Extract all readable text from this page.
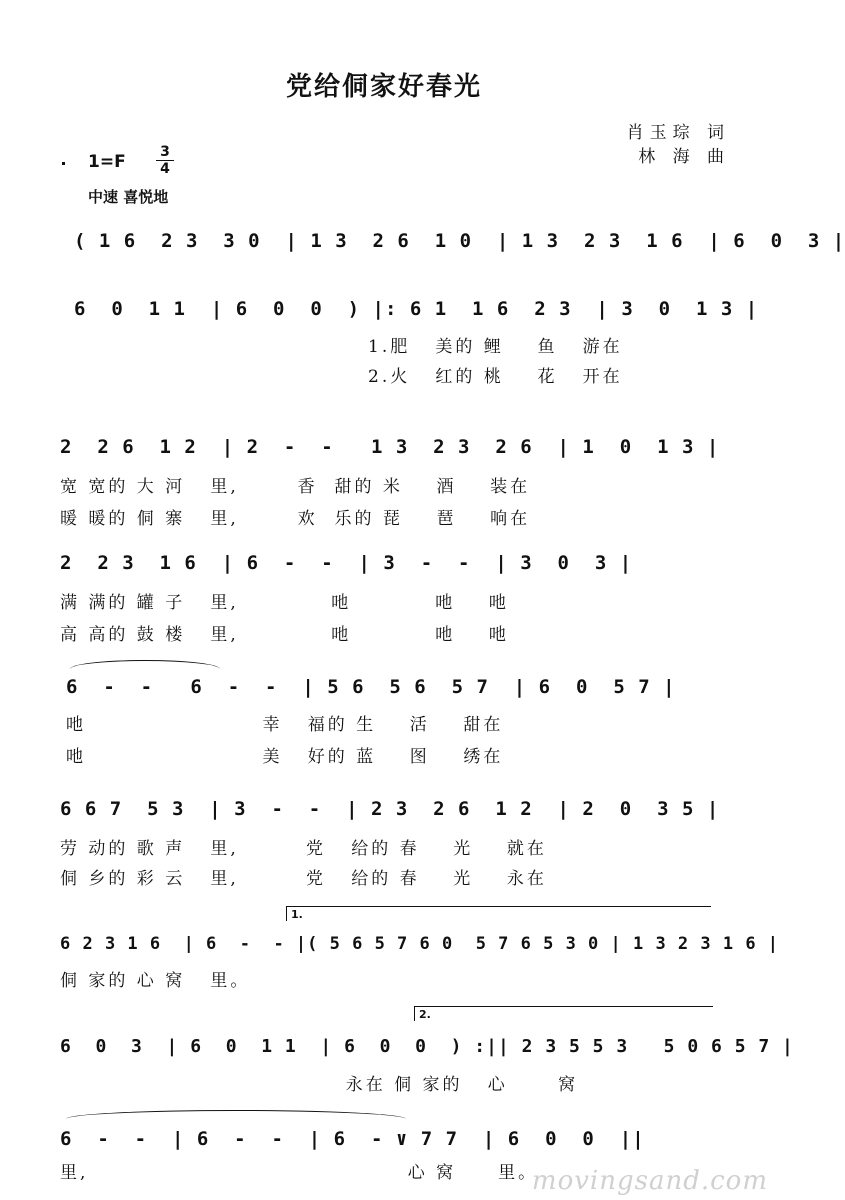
党给侗家好春光
肖玉琮 词
林 海 曲
1=F 3
4
中速 喜悦地
( 1 6  2 3  3 0  | 1 3  2 6  1 0  | 1 3  2 3  1 6  | 6  0  3 |
6  0  1 1  | 6  0  0  ) |: 6 1  1 6  2 3  | 3  0  1 3 |
1.肥   美的 鲤    鱼   游在
2.火   红的 桃    花   开在
2  2 6  1 2  | 2  -  -   1 3  2 3  2 6  | 1  0  1 3 |
宽 宽的 大 河   里,       香  甜的 米    酒    装在
暖 暖的 侗 寨   里,       欢  乐的 琵    琶    响在
2  2 3  1 6  | 6  -  -  | 3  -  -  | 3  0  3 |
满 满的 罐 子   里,           吔          吔    吔
高 高的 鼓 楼   里,           吔          吔    吔
6  -  -   6  -  -  | 5 6  5 6  5 7  | 6  0  5 7 |
吔                     幸   福的 生    活    甜在
吔                     美   好的 蓝    图    绣在
6 6 7  5 3  | 3  -  -  | 2 3  2 6  1 2  | 2  0  3 5 |
劳 动的 歌 声   里,        党   给的 春    光    就在
侗 乡的 彩 云   里,        党   给的 春    光    永在
1.
6 2 3 1 6  | 6  -  - |( 5 6 5 7 6 0  5 7 6 5 3 0 | 1 3 2 3 1 6 |
侗 家的 心 窝   里。
2.
6  0  3  | 6  0  1 1  | 6  0  0  ) :|| 2 3 5 5 3   5 0 6 5 7 |
永在 侗 家的   心      窝
6  -  -  | 6  -  -  | 6  - ∨ 7 7  | 6  0  0  ||
里,                                      心 窝     里。
movingsand.com
